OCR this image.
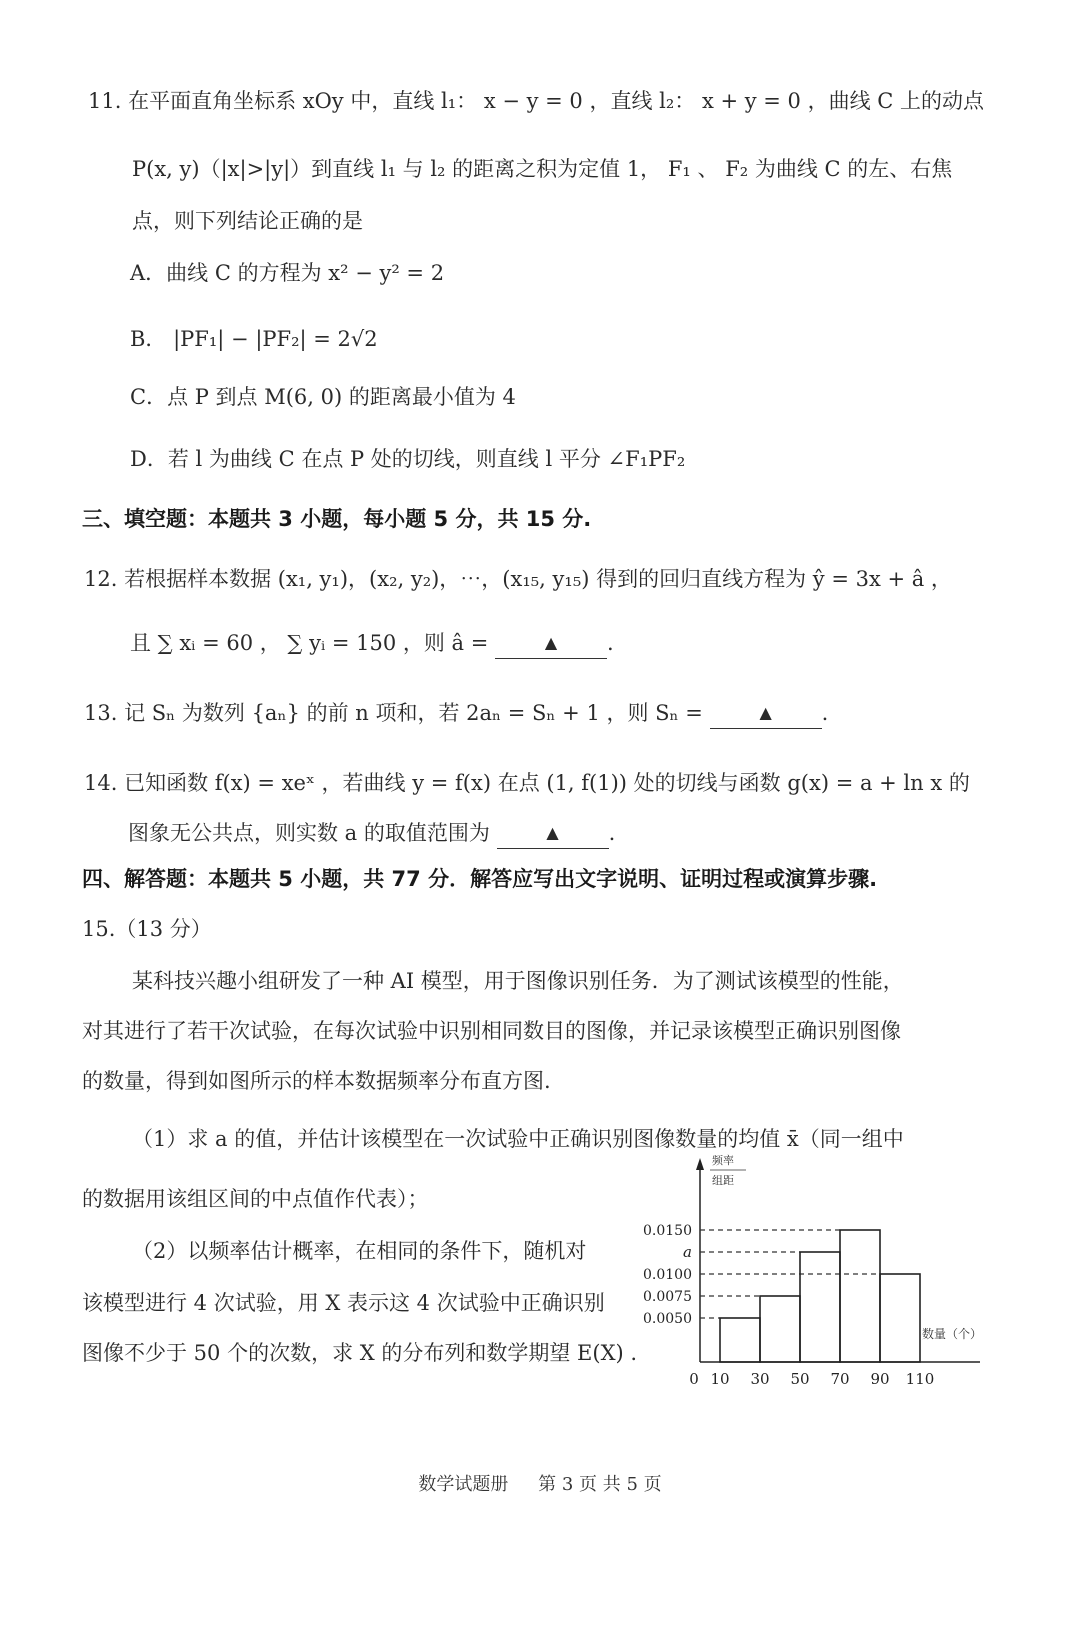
11. 在平面直角坐标系 xOy 中，直线 l₁： x − y = 0 ，直线 l₂： x + y = 0 ，曲线 C 上的动点
P(x, y)（|x|>|y|）到直线 l₁ 与 l₂ 的距离之积为定值 1， F₁ 、 F₂ 为曲线 C 的左、右焦
点，则下列结论正确的是
A．曲线 C 的方程为 x² − y² = 2
B． |PF₁| − |PF₂| = 2√2
C．点 P 到点 M(6, 0) 的距离最小值为 4
D．若 l 为曲线 C 在点 P 处的切线，则直线 l 平分 ∠F₁PF₂
三、填空题：本题共 3 小题，每小题 5 分，共 15 分.
12. 若根据样本数据 (x₁, y₁)，(x₂, y₂)，⋯，(x₁₅, y₁₅) 得到的回归直线方程为 ŷ = 3x + â ，
且 ∑ xᵢ = 60 ， ∑ yᵢ = 150 ，则 â =	▲ .
13. 记 Sₙ 为数列 {aₙ} 的前 n 项和，若 2aₙ = Sₙ + 1 ，则 Sₙ =	▲ .
14. 已知函数 f(x) = xeˣ ，若曲线 y = f(x) 在点 (1, f(1)) 处的切线与函数 g(x) = a + ln x 的
图象无公共点，则实数 a 的取值范围为	▲ .
四、解答题：本题共 5 小题，共 77 分．解答应写出文字说明、证明过程或演算步骤.
15.（13 分）
某科技兴趣小组研发了一种 AI 模型，用于图像识别任务．为了测试该模型的性能，
对其进行了若干次试验，在每次试验中识别相同数目的图像，并记录该模型正确识别图像
的数量，得到如图所示的样本数据频率分布直方图.
（1）求 a 的值，并估计该模型在一次试验中正确识别图像数量的均值 x̄（同一组中
的数据用该组区间的中点值作代表）；
（2）以频率估计概率，在相同的条件下，随机对
该模型进行 4 次试验，用 X 表示这 4 次试验中正确识别
图像不少于 50 个的次数，求 X 的分布列和数学期望 E(X) .
0.0150
a
0.0100
0.0075
0.0050
0 10 30 50 70 90 110
数量（个）
频率
组距
数学试题册 第 3 页 共 5 页
